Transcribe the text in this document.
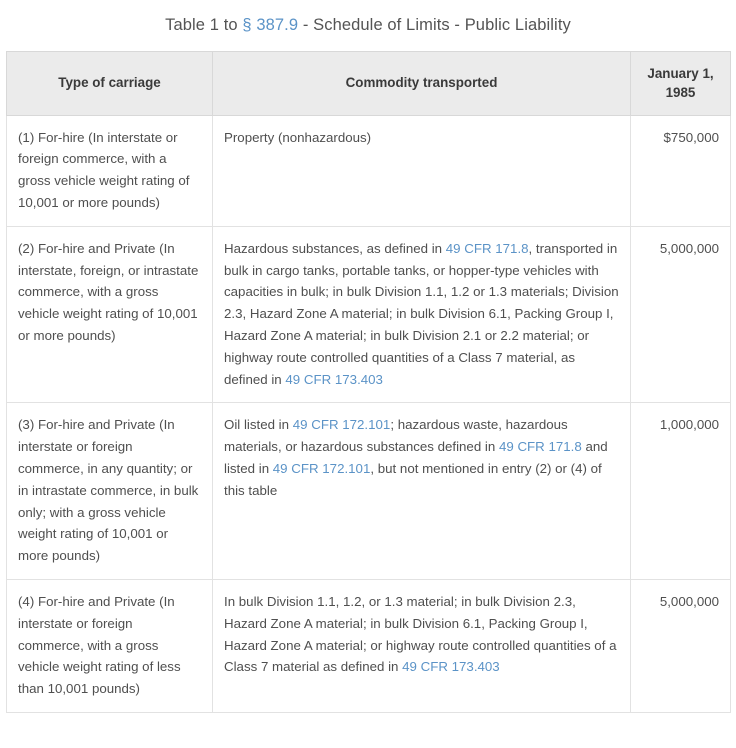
Table 1 to § 387.9 - Schedule of Limits - Public Liability
Type of carriage	Commodity transported	January 1, 1985
(1) For-hire (In interstate or foreign commerce, with a gross vehicle weight rating of 10,001 or more pounds)	Property (nonhazardous)	$750,000
(2) For-hire and Private (In interstate, foreign, or intrastate commerce, with a gross vehicle weight rating of 10,001 or more pounds)	Hazardous substances, as defined in 49 CFR 171.8, transported in bulk in cargo tanks, portable tanks, or hopper-type vehicles with capacities in bulk; in bulk Division 1.1, 1.2 or 1.3 materials; Division 2.3, Hazard Zone A material; in bulk Division 6.1, Packing Group I, Hazard Zone A material; in bulk Division 2.1 or 2.2 material; or highway route controlled quantities of a Class 7 material, as defined in 49 CFR 173.403	5,000,000
(3) For-hire and Private (In interstate or foreign commerce, in any quantity; or in intrastate commerce, in bulk only; with a gross vehicle weight rating of 10,001 or more pounds)	Oil listed in 49 CFR 172.101; hazardous waste, hazardous materials, or hazardous substances defined in 49 CFR 171.8 and listed in 49 CFR 172.101, but not mentioned in entry (2) or (4) of this table	1,000,000
(4) For-hire and Private (In interstate or foreign commerce, with a gross vehicle weight rating of less than 10,001 pounds)	In bulk Division 1.1, 1.2, or 1.3 material; in bulk Division 2.3, Hazard Zone A material; in bulk Division 6.1, Packing Group I, Hazard Zone A material; or highway route controlled quantities of a Class 7 material as defined in 49 CFR 173.403	5,000,000
